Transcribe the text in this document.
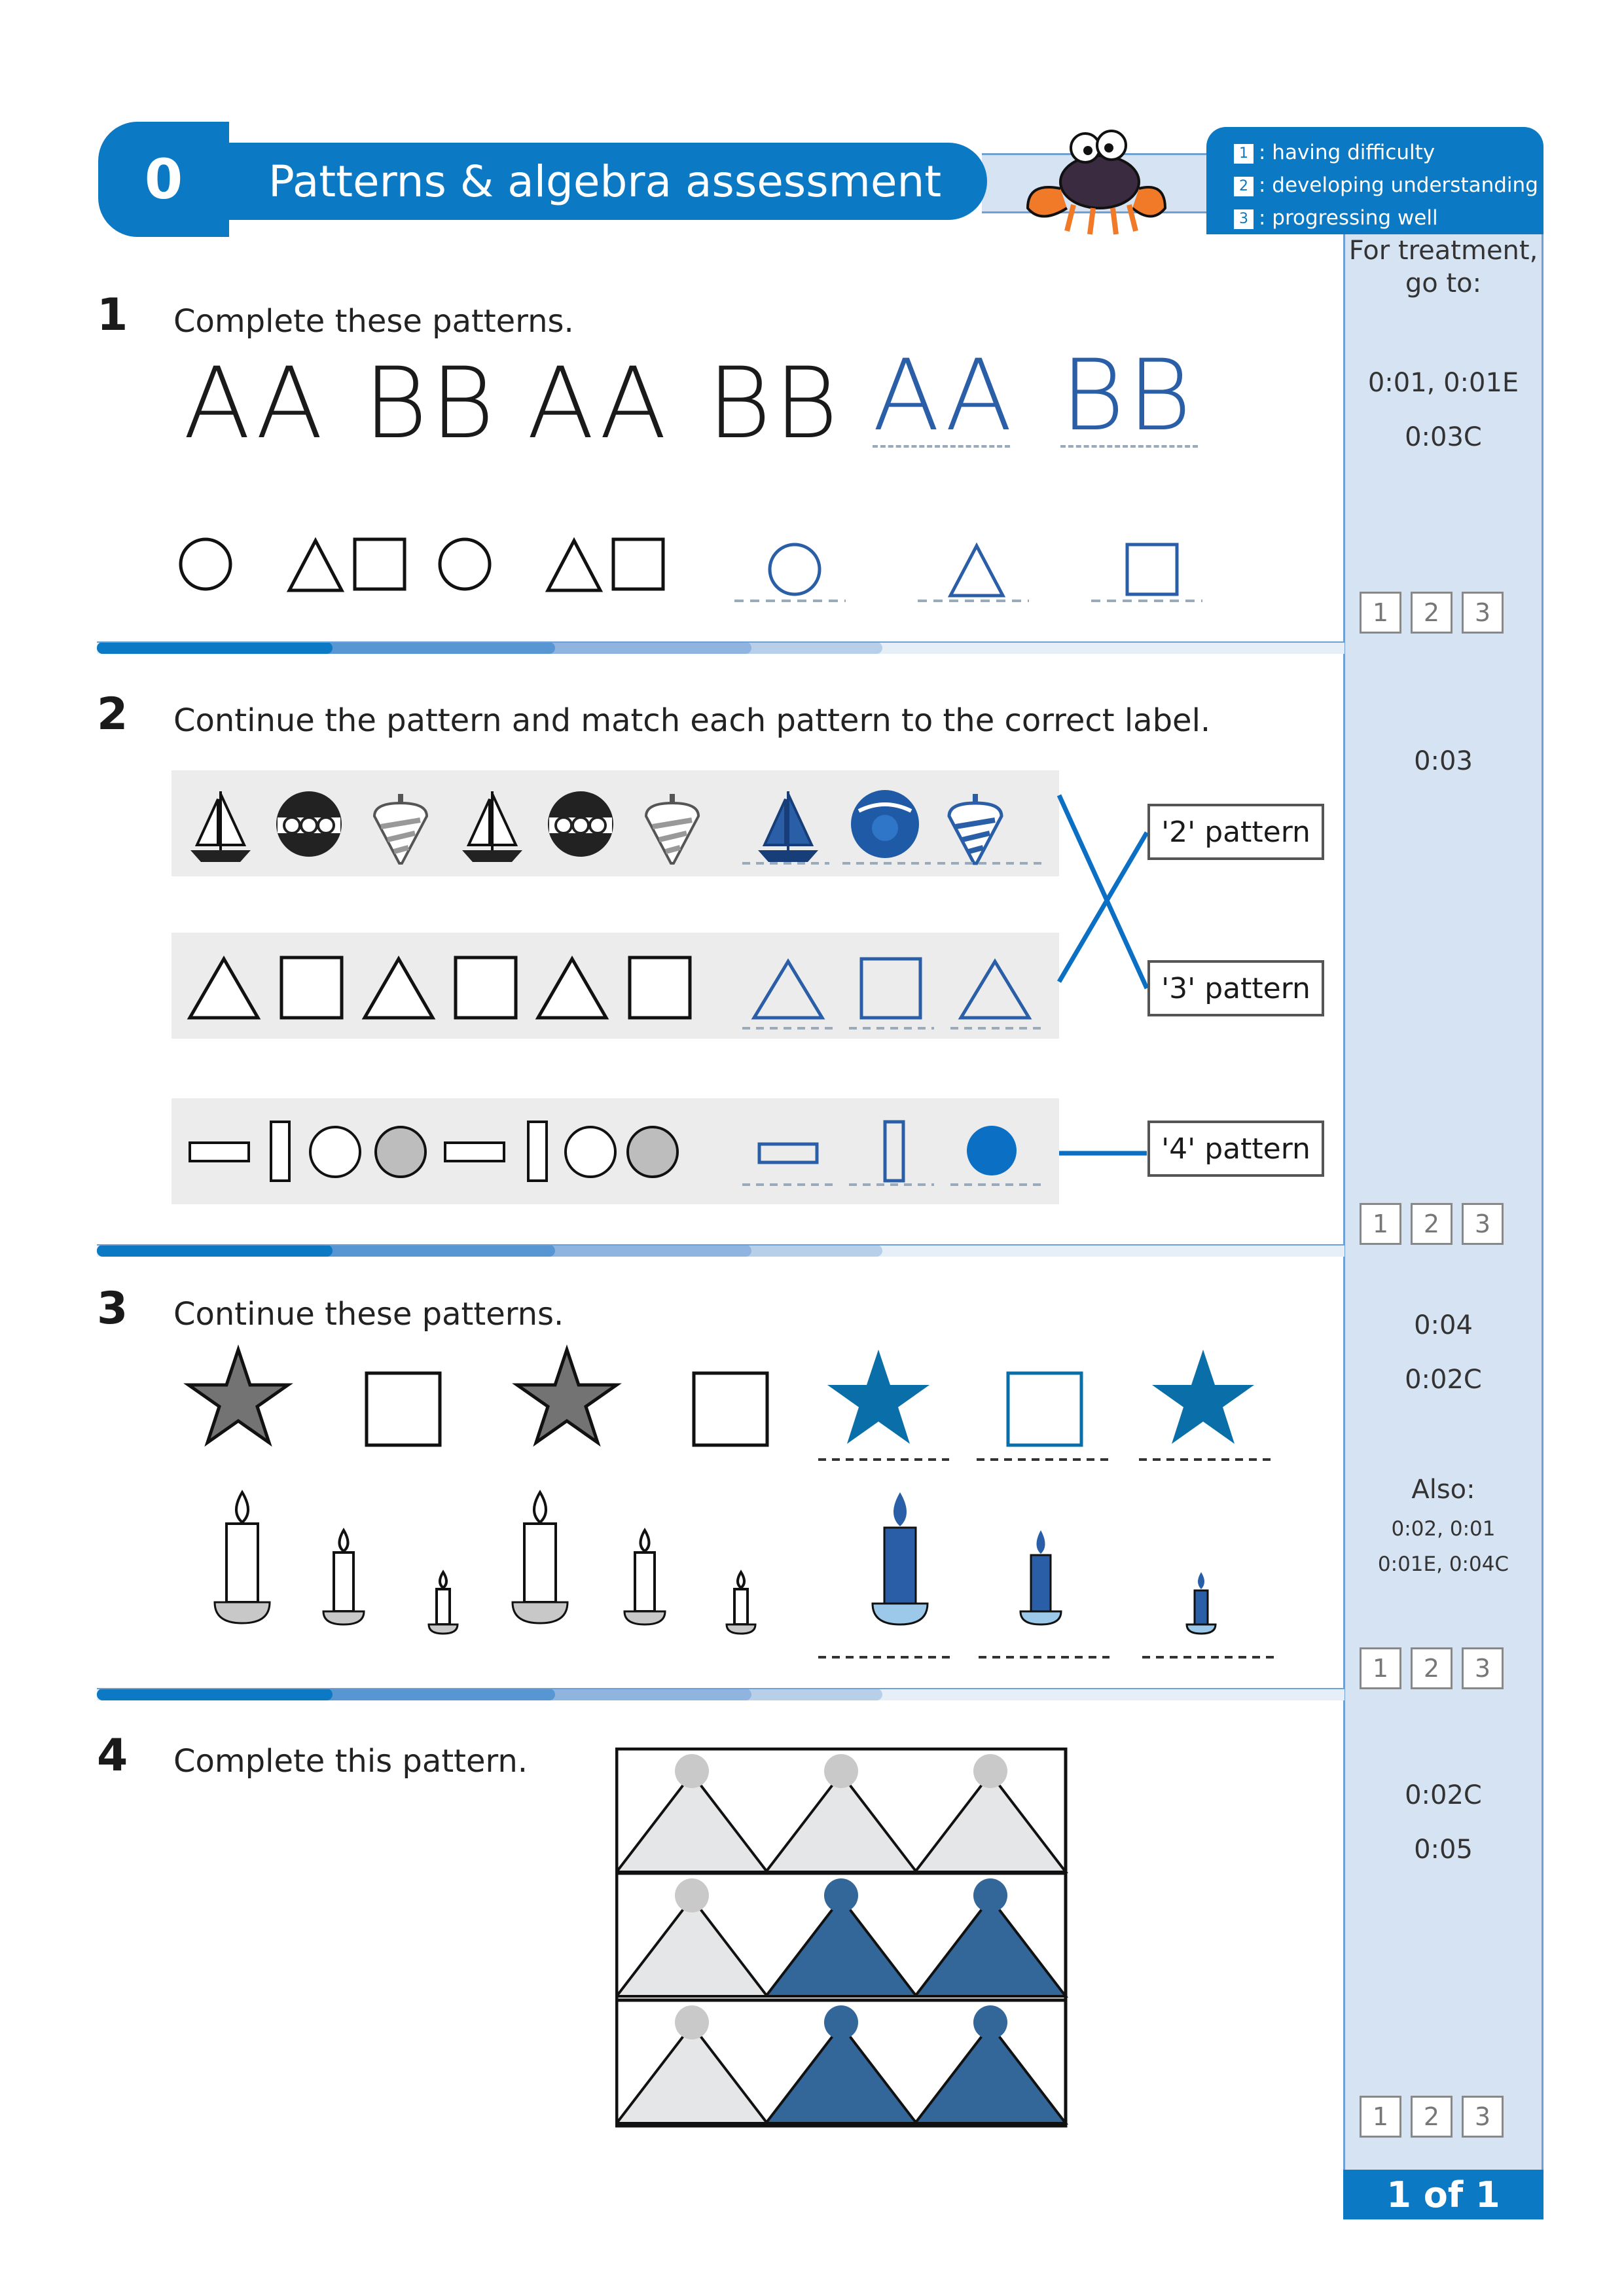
Patterns & algebra assessment
0	1 : having difficulty
2 : developing understanding
3 : progressing well
For treatment, go to:
0:01, 0:01E
0:03C
0:03
0:04
0:02C
Also:
0:02, 0:01
0:01E, 0:04C
0:02C
0:05
1	2	3
1	2	3
1	2	3
1	2	3
1 of 1
1 Complete these patterns.
AA BB AA BB AA BB
2 Continue the pattern and match each pattern to the correct label.
'2' pattern
'3' pattern
'4' pattern
3 Continue these patterns.
4 Complete this pattern.
